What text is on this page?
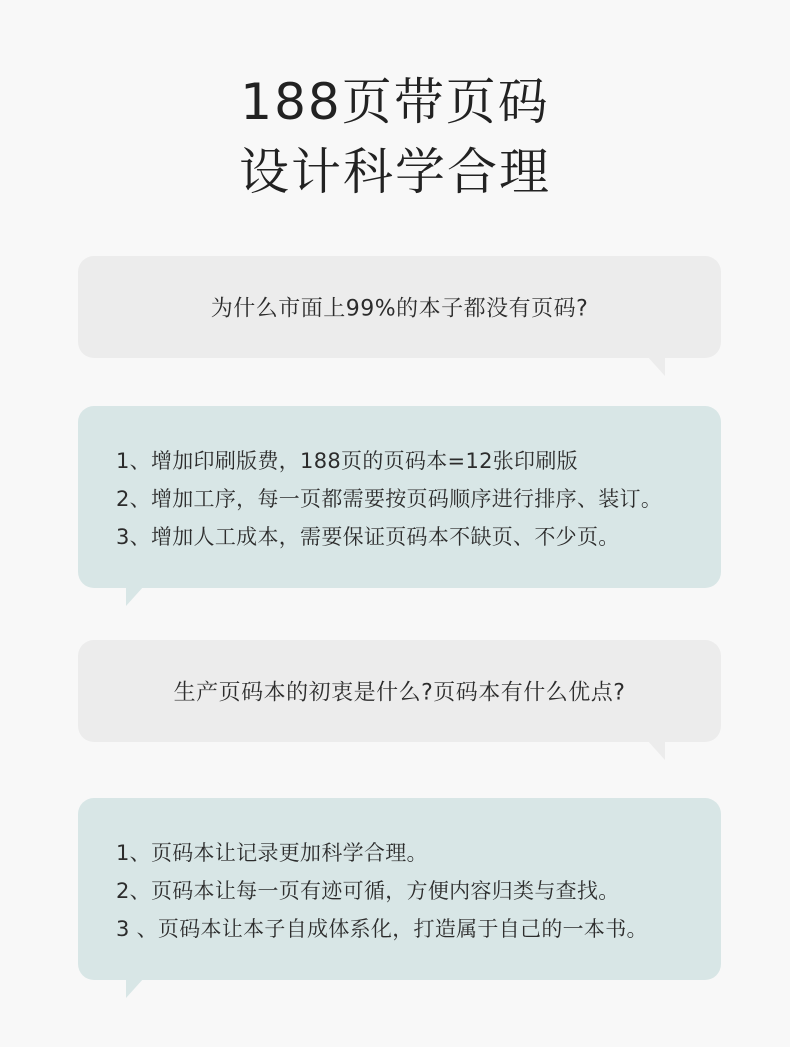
188页带页码
设计科学合理
为什么市面上99%的本子都没有页码?
1、增加印刷版费，188页的页码本=12张印刷版
2、增加工序，每一页都需要按页码顺序进行排序、装订。
3、增加人工成本，需要保证页码本不缺页、不少页。
生产页码本的初衷是什么?页码本有什么优点?
1、页码本让记录更加科学合理。
2、页码本让每一页有迹可循，方便内容归类与查找。
3 、页码本让本子自成体系化，打造属于自己的一本书。
